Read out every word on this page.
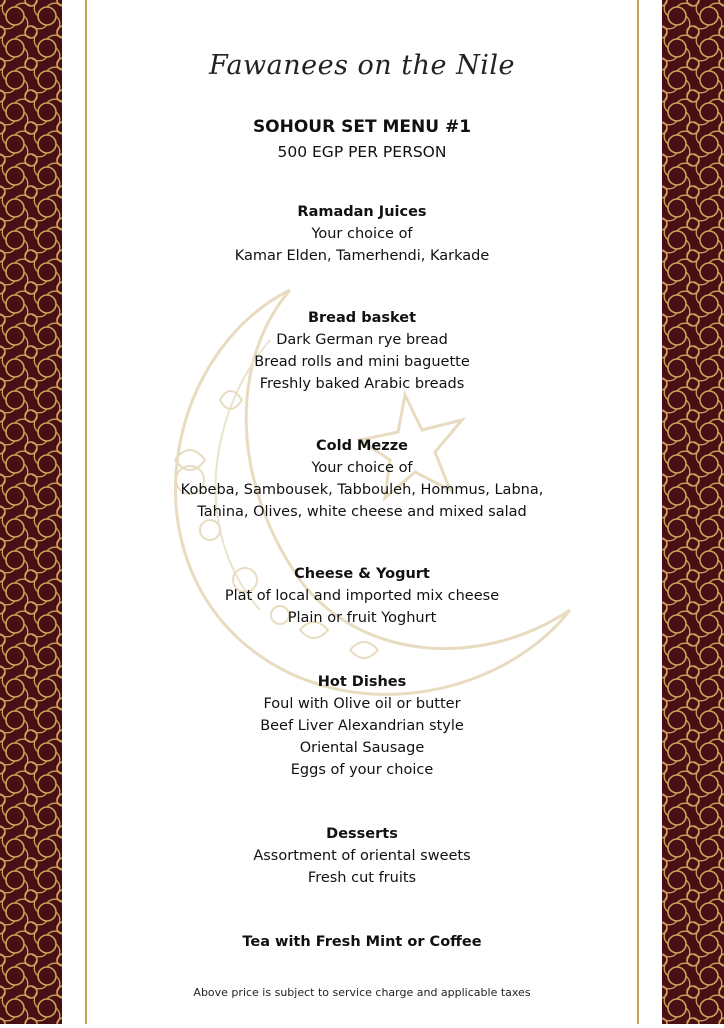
Fawanees on the Nile
SOHOUR SET MENU #1
500 EGP PER PERSON
Ramadan Juices
Your choice of
Kamar Elden, Tamerhendi, Karkade
Bread basket
Dark German rye bread
Bread rolls and mini baguette
Freshly baked Arabic breads
Cold Mezze
Your choice of
Kobeba, Sambousek, Tabbouleh, Hommus, Labna,
Tahina, Olives, white cheese and mixed salad
Cheese & Yogurt
Plat of local and imported mix cheese
Plain or fruit Yoghurt
Hot Dishes
Foul with Olive oil or butter
Beef Liver Alexandrian style
Oriental Sausage
Eggs of your choice
Desserts
Assortment of oriental sweets
Fresh cut fruits
Tea with Fresh Mint or Coffee
Above price is subject to service charge and applicable taxes
